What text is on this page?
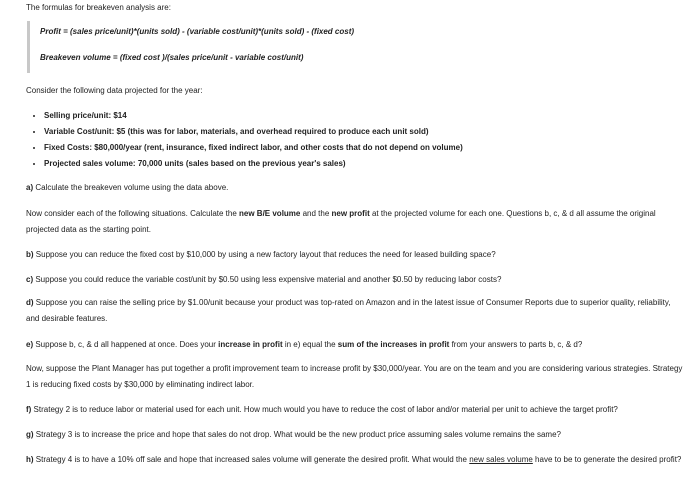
The formulas for breakeven analysis are:
Profit = (sales price/unit)*(units sold) - (variable cost/unit)*(units sold) - (fixed cost)
Breakeven volume = (fixed cost )/(sales price/unit - variable cost/unit)
Consider the following data projected for the year:
• Selling price/unit: $14
• Variable Cost/unit: $5 (this was for labor, materials, and overhead required to produce each unit sold)
• Fixed Costs: $80,000/year (rent, insurance, fixed indirect labor, and other costs that do not depend on volume)
• Projected sales volume: 70,000 units (sales based on the previous year's sales)
a) Calculate the breakeven volume using the data above.
Now consider each of the following situations. Calculate the new B/E volume and the new profit at the projected volume for each one. Questions b, c, & d all assume the original projected data as the starting point.
b) Suppose you can reduce the fixed cost by $10,000 by using a new factory layout that reduces the need for leased building space?
c) Suppose you could reduce the variable cost/unit by $0.50 using less expensive material and another $0.50 by reducing labor costs?
d) Suppose you can raise the selling price by $1.00/unit because your product was top-rated on Amazon and in the latest issue of Consumer Reports due to superior quality, reliability, and desirable features.
e) Suppose b, c, & d all happened at once. Does your increase in profit in e) equal the sum of the increases in profit from your answers to parts b, c, & d?
Now, suppose the Plant Manager has put together a profit improvement team to increase profit by $30,000/year. You are on the team and you are considering various strategies. Strategy 1 is reducing fixed costs by $30,000 by eliminating indirect labor.
f) Strategy 2 is to reduce labor or material used for each unit. How much would you have to reduce the cost of labor and/or material per unit to achieve the target profit?
g) Strategy 3 is to increase the price and hope that sales do not drop. What would be the new product price assuming sales volume remains the same?
h) Strategy 4 is to have a 10% off sale and hope that increased sales volume will generate the desired profit. What would the new sales volume have to be to generate the desired profit?
